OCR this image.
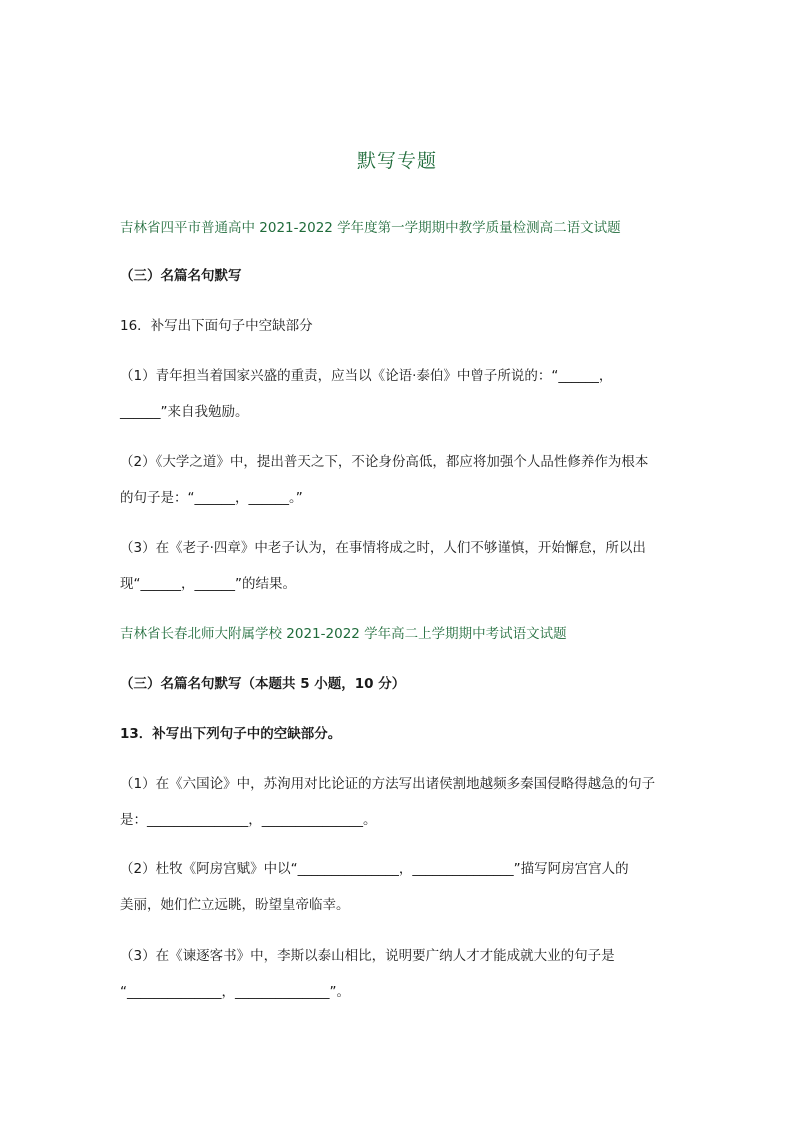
默写专题
吉林省四平市普通高中 2021-2022 学年度第一学期期中教学质量检测高二语文试题
（三）名篇名句默写
16．补写出下面句子中空缺部分
（1）青年担当着国家兴盛的重责，应当以《论语·泰伯》中曾子所说的：“______，
______”来自我勉励。
（2）《大学之道》中，提出普天之下，不论身份高低，都应将加强个人品性修养作为根本
的句子是：“______，______。”
（3）在《老子·四章》中老子认为，在事情将成之时，人们不够谨慎，开始懈怠，所以出
现“______，______”的结果。
吉林省长春北师大附属学校 2021-2022 学年高二上学期期中考试语文试题
（三）名篇名句默写（本题共 5 小题，10 分）
13．补写出下列句子中的空缺部分。
（1）在《六国论》中，苏洵用对比论证的方法写出诸侯割地越频多秦国侵略得越急的句子
是：_______________，_______________。
（2）杜牧《阿房宫赋》中以“_______________，_______________”描写阿房宫宫人的
美丽，她们伫立远眺，盼望皇帝临幸。
（3）在《谏逐客书》中，李斯以泰山相比，说明要广纳人才才能成就大业的句子是
“______________，______________”。
